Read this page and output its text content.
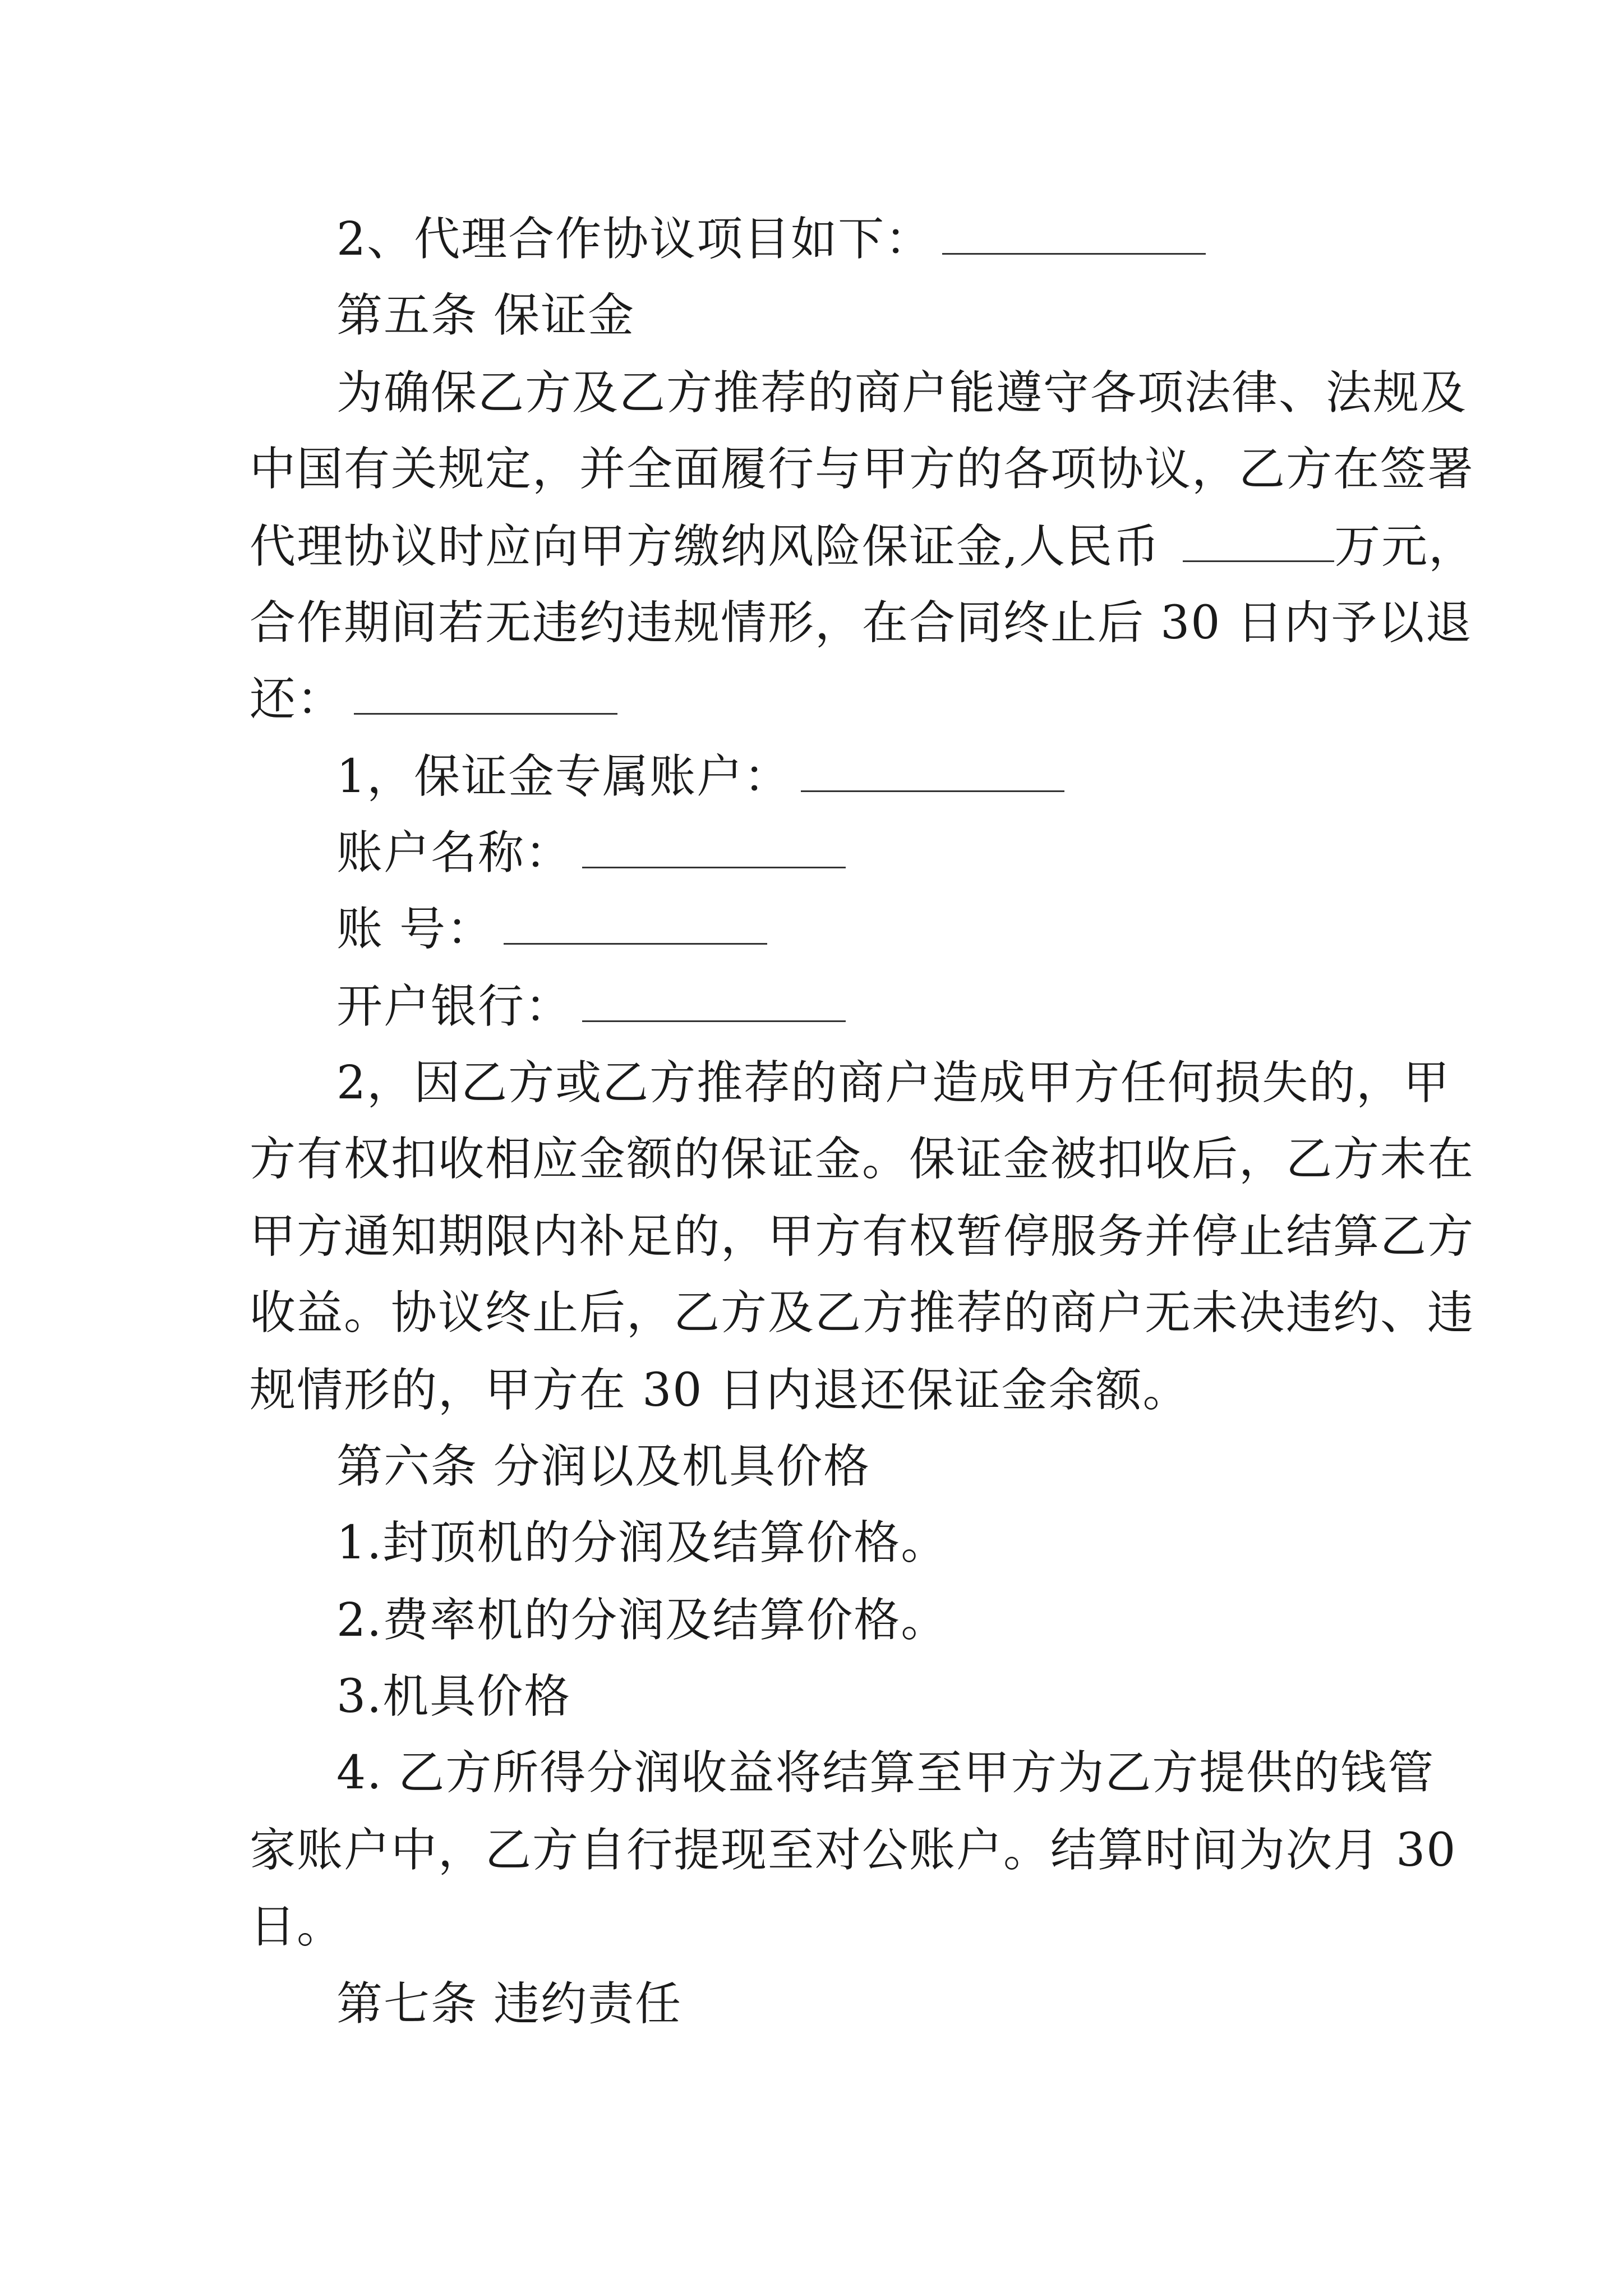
2、代理合作协议项目如下：
第五条 保证金
为确保乙方及乙方推荐的商户能遵守各项法律、法规及
中国有关规定，并全面履行与甲方的各项协议，乙方在签署
代理协议时应向甲方缴纳风险保证金,人民币	万元，
合作期间若无违约违规情形，在合同终止后 30 日内予以退
还：
1，保证金专属账户：
账户名称：
账 号：
开户银行：
2，因乙方或乙方推荐的商户造成甲方任何损失的，甲
方有权扣收相应金额的保证金。保证金被扣收后，乙方未在
甲方通知期限内补足的，甲方有权暂停服务并停止结算乙方
收益。协议终止后，乙方及乙方推荐的商户无未决违约、违
规情形的，甲方在 30 日内退还保证金余额。
第六条 分润以及机具价格
1.封顶机的分润及结算价格。
2.费率机的分润及结算价格。
3.机具价格
4. 乙方所得分润收益将结算至甲方为乙方提供的钱管
家账户中，乙方自行提现至对公账户。结算时间为次月 30
日。
第七条 违约责任
